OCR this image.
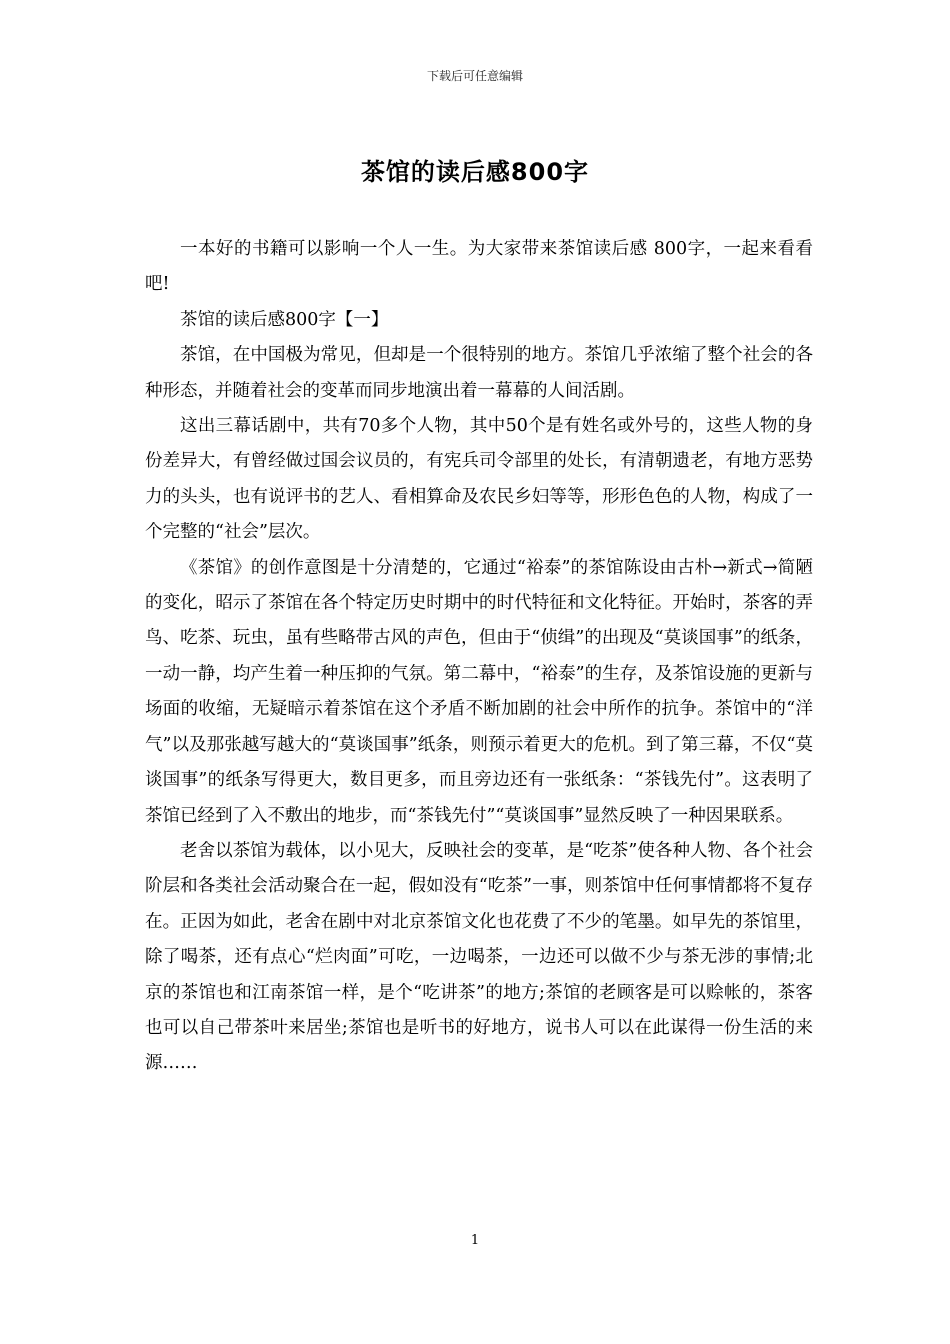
下载后可任意编辑
茶馆的读后感800字

一本好的书籍可以影响一个人一生。为大家带来茶馆读后感 800字，一起来看看吧!

茶馆的读后感800字【一】

茶馆，在中国极为常见，但却是一个很特别的地方。茶馆几乎浓缩了整个社会的各种形态，并随着社会的变革而同步地演出着一幕幕的人间活剧。

这出三幕话剧中，共有70多个人物，其中50个是有姓名或外号的，这些人物的身份差异大，有曾经做过国会议员的，有宪兵司令部里的处长，有清朝遗老，有地方恶势力的头头，也有说评书的艺人、看相算命及农民乡妇等等，形形色色的人物，构成了一个完整的“社会”层次。

《茶馆》的创作意图是十分清楚的，它通过“裕泰”的茶馆陈设由古朴→新式→简陋的变化，昭示了茶馆在各个特定历史时期中的时代特征和文化特征。开始时，茶客的弄鸟、吃茶、玩虫，虽有些略带古风的声色，但由于“侦缉”的出现及“莫谈国事”的纸条，一动一静，均产生着一种压抑的气氛。第二幕中，“裕泰”的生存，及茶馆设施的更新与场面的收缩，无疑暗示着茶馆在这个矛盾不断加剧的社会中所作的抗争。茶馆中的“洋气”以及那张越写越大的“莫谈国事”纸条，则预示着更大的危机。到了第三幕，不仅“莫谈国事”的纸条写得更大，数目更多，而且旁边还有一张纸条：“茶钱先付”。这表明了茶馆已经到了入不敷出的地步，而“茶钱先付”“莫谈国事”显然反映了一种因果联系。

老舍以茶馆为载体，以小见大，反映社会的变革，是“吃茶”使各种人物、各个社会阶层和各类社会活动聚合在一起，假如没有“吃茶”一事，则茶馆中任何事情都将不复存在。正因为如此，老舍在剧中对北京茶馆文化也花费了不少的笔墨。如早先的茶馆里，除了喝茶，还有点心“烂肉面”可吃，一边喝茶，一边还可以做不少与茶无涉的事情;北京的茶馆也和江南茶馆一样，是个“吃讲茶”的地方;茶馆的老顾客是可以赊帐的，茶客也可以自己带茶叶来居坐;茶馆也是听书的好地方，说书人可以在此谋得一份生活的来源……

1
